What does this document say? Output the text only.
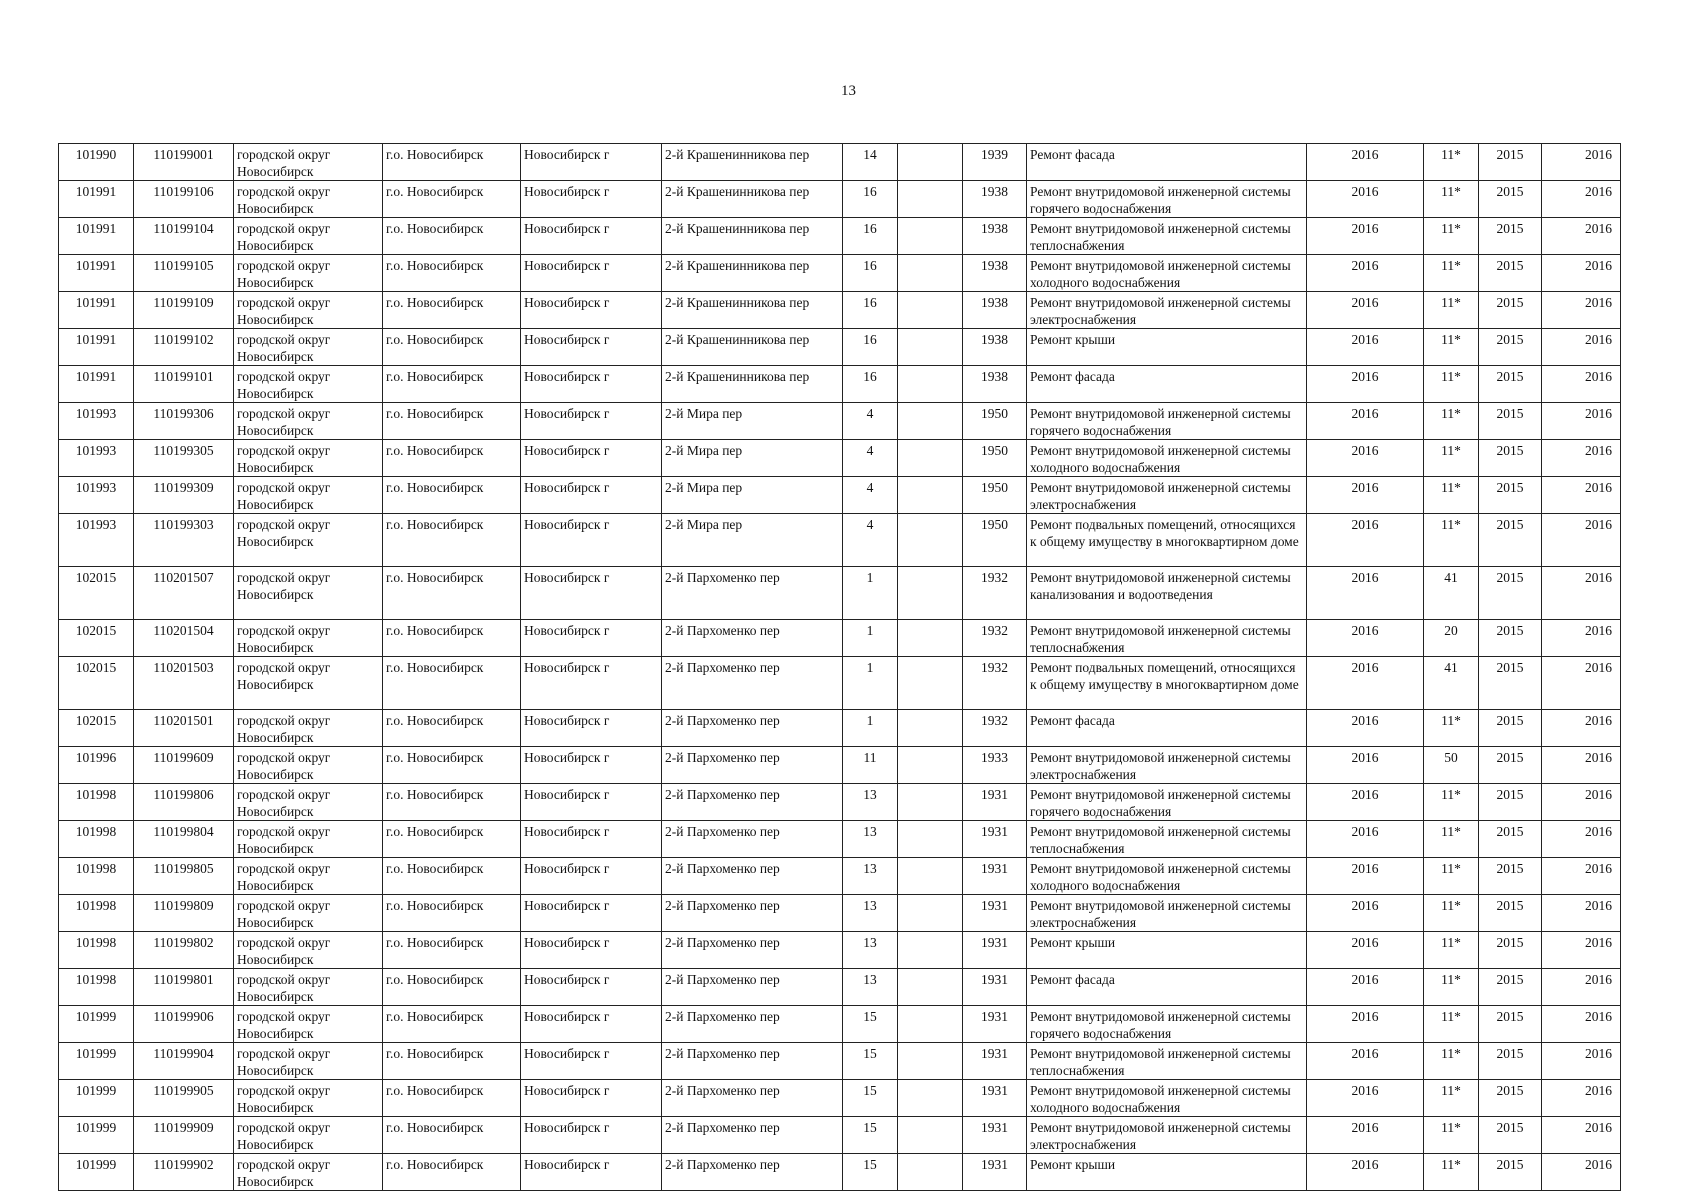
13
101990	110199001	городской округ Новосибирск	г.о. Новосибирск	Новосибирск г	2-й Крашенинникова пер	14		1939	Ремонт фасада	2016	11*	2015	2016
101991	110199106	городской округ Новосибирск	г.о. Новосибирск	Новосибирск г	2-й Крашенинникова пер	16		1938	Ремонт внутридомовой инженерной системы горячего водоснабжения	2016	11*	2015	2016
101991	110199104	городской округ Новосибирск	г.о. Новосибирск	Новосибирск г	2-й Крашенинникова пер	16		1938	Ремонт внутридомовой инженерной системы теплоснабжения	2016	11*	2015	2016
101991	110199105	городской округ Новосибирск	г.о. Новосибирск	Новосибирск г	2-й Крашенинникова пер	16		1938	Ремонт внутридомовой инженерной системы холодного водоснабжения	2016	11*	2015	2016
101991	110199109	городской округ Новосибирск	г.о. Новосибирск	Новосибирск г	2-й Крашенинникова пер	16		1938	Ремонт внутридомовой инженерной системы электроснабжения	2016	11*	2015	2016
101991	110199102	городской округ Новосибирск	г.о. Новосибирск	Новосибирск г	2-й Крашенинникова пер	16		1938	Ремонт крыши	2016	11*	2015	2016
101991	110199101	городской округ Новосибирск	г.о. Новосибирск	Новосибирск г	2-й Крашенинникова пер	16		1938	Ремонт фасада	2016	11*	2015	2016
101993	110199306	городской округ Новосибирск	г.о. Новосибирск	Новосибирск г	2-й Мира пер	4		1950	Ремонт внутридомовой инженерной системы горячего водоснабжения	2016	11*	2015	2016
101993	110199305	городской округ Новосибирск	г.о. Новосибирск	Новосибирск г	2-й Мира пер	4		1950	Ремонт внутридомовой инженерной системы холодного водоснабжения	2016	11*	2015	2016
101993	110199309	городской округ Новосибирск	г.о. Новосибирск	Новосибирск г	2-й Мира пер	4		1950	Ремонт внутридомовой инженерной системы электроснабжения	2016	11*	2015	2016
101993	110199303	городской округ Новосибирск	г.о. Новосибирск	Новосибирск г	2-й Мира пер	4		1950	Ремонт подвальных помещений, относящихся к общему имуществу в многоквартирном доме	2016	11*	2015	2016
102015	110201507	городской округ Новосибирск	г.о. Новосибирск	Новосибирск г	2-й Пархоменко пер	1		1932	Ремонт внутридомовой инженерной системы канализования и водоотведения	2016	41	2015	2016
102015	110201504	городской округ Новосибирск	г.о. Новосибирск	Новосибирск г	2-й Пархоменко пер	1		1932	Ремонт внутридомовой инженерной системы теплоснабжения	2016	20	2015	2016
102015	110201503	городской округ Новосибирск	г.о. Новосибирск	Новосибирск г	2-й Пархоменко пер	1		1932	Ремонт подвальных помещений, относящихся к общему имуществу в многоквартирном доме	2016	41	2015	2016
102015	110201501	городской округ Новосибирск	г.о. Новосибирск	Новосибирск г	2-й Пархоменко пер	1		1932	Ремонт фасада	2016	11*	2015	2016
101996	110199609	городской округ Новосибирск	г.о. Новосибирск	Новосибирск г	2-й Пархоменко пер	11		1933	Ремонт внутридомовой инженерной системы электроснабжения	2016	50	2015	2016
101998	110199806	городской округ Новосибирск	г.о. Новосибирск	Новосибирск г	2-й Пархоменко пер	13		1931	Ремонт внутридомовой инженерной системы горячего водоснабжения	2016	11*	2015	2016
101998	110199804	городской округ Новосибирск	г.о. Новосибирск	Новосибирск г	2-й Пархоменко пер	13		1931	Ремонт внутридомовой инженерной системы теплоснабжения	2016	11*	2015	2016
101998	110199805	городской округ Новосибирск	г.о. Новосибирск	Новосибирск г	2-й Пархоменко пер	13		1931	Ремонт внутридомовой инженерной системы холодного водоснабжения	2016	11*	2015	2016
101998	110199809	городской округ Новосибирск	г.о. Новосибирск	Новосибирск г	2-й Пархоменко пер	13		1931	Ремонт внутридомовой инженерной системы электроснабжения	2016	11*	2015	2016
101998	110199802	городской округ Новосибирск	г.о. Новосибирск	Новосибирск г	2-й Пархоменко пер	13		1931	Ремонт крыши	2016	11*	2015	2016
101998	110199801	городской округ Новосибирск	г.о. Новосибирск	Новосибирск г	2-й Пархоменко пер	13		1931	Ремонт фасада	2016	11*	2015	2016
101999	110199906	городской округ Новосибирск	г.о. Новосибирск	Новосибирск г	2-й Пархоменко пер	15		1931	Ремонт внутридомовой инженерной системы горячего водоснабжения	2016	11*	2015	2016
101999	110199904	городской округ Новосибирск	г.о. Новосибирск	Новосибирск г	2-й Пархоменко пер	15		1931	Ремонт внутридомовой инженерной системы теплоснабжения	2016	11*	2015	2016
101999	110199905	городской округ Новосибирск	г.о. Новосибирск	Новосибирск г	2-й Пархоменко пер	15		1931	Ремонт внутридомовой инженерной системы холодного водоснабжения	2016	11*	2015	2016
101999	110199909	городской округ Новосибирск	г.о. Новосибирск	Новосибирск г	2-й Пархоменко пер	15		1931	Ремонт внутридомовой инженерной системы электроснабжения	2016	11*	2015	2016
101999	110199902	городской округ Новосибирск	г.о. Новосибирск	Новосибирск г	2-й Пархоменко пер	15		1931	Ремонт крыши	2016	11*	2015	2016
